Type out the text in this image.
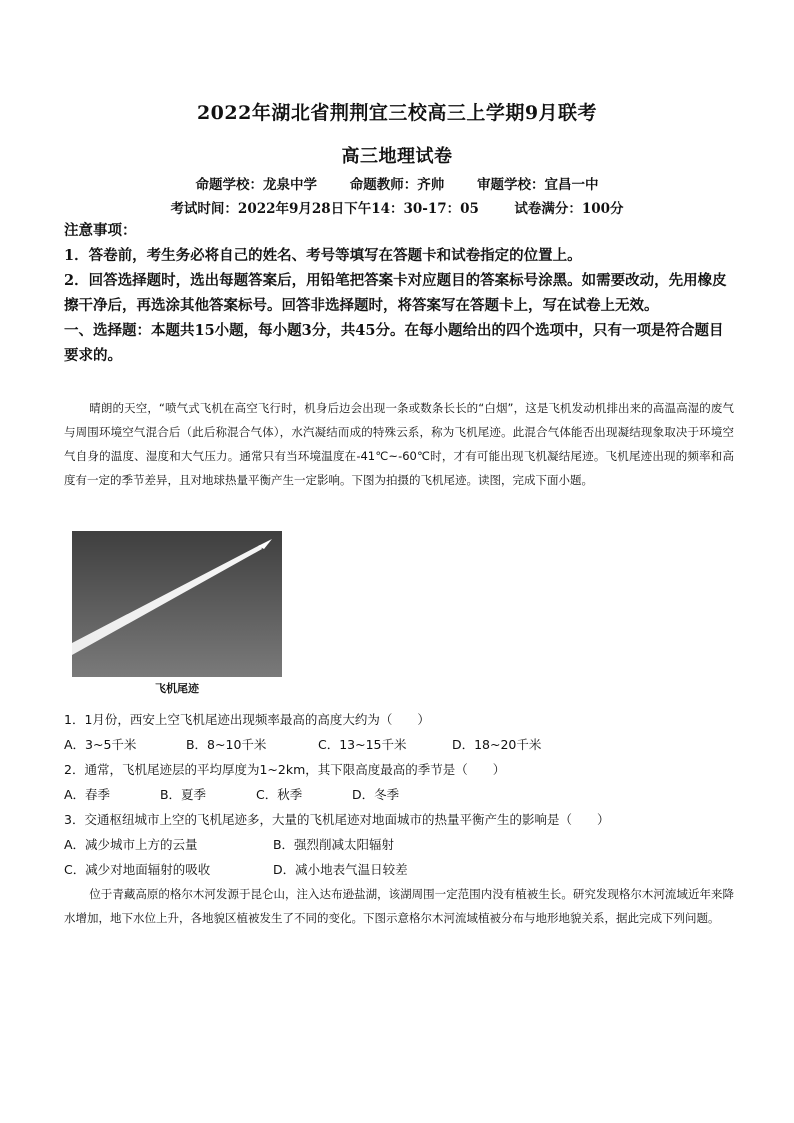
2022年湖北省荆荆宜三校高三上学期9月联考
高三地理试卷
命题学校：龙泉中学 命题教师：齐帅 审题学校：宜昌一中
考试时间：2022年9月28日下午14：30-17：05	试卷满分：100分
注意事项：
1．答卷前，考生务必将自己的姓名、考号等填写在答题卡和试卷指定的位置上。
2．回答选择题时，选出每题答案后，用铅笔把答案卡对应题目的答案标号涂黑。如需要改动，先用橡皮擦干净后，再选涂其他答案标号。回答非选择题时，将答案写在答题卡上，写在试卷上无效。
一、选择题：本题共15小题，每小题3分，共45分。在每小题给出的四个选项中，只有一项是符合题目要求的。
晴朗的天空，“喷气式飞机在高空飞行时，机身后边会出现一条或数条长长的“白烟”，这是飞机发动机排出来的高温高湿的废气与周围环境空气混合后（此后称混合气体），水汽凝结而成的特殊云系，称为飞机尾迹。此混合气体能否出现凝结现象取决于环境空气自身的温度、湿度和大气压力。通常只有当环境温度在-41℃~-60℃时，才有可能出现飞机凝结尾迹。飞机尾迹出现的频率和高度有一定的季节差异，且对地球热量平衡产生一定影响。下图为拍摄的飞机尾迹。读图，完成下面小题。
飞机尾迹
1．1月份，西安上空飞机尾迹出现频率最高的高度大约为（　　）
A．3~5千米	B．8~10千米	C．13~15千米	D．18~20千米
2．通常，飞机尾迹层的平均厚度为1~2km，其下限高度最高的季节是（　　）
A．春季	B．夏季	C．秋季	D．冬季
3．交通枢纽城市上空的飞机尾迹多，大量的飞机尾迹对地面城市的热量平衡产生的影响是（　　）
A．减少城市上方的云量	B．强烈削减太阳辐射
C．减少对地面辐射的吸收	D．减小地表气温日较差
位于青藏高原的格尔木河发源于昆仑山，注入达布逊盐湖，该湖周围一定范围内没有植被生长。研究发现格尔木河流域近年来降水增加，地下水位上升，各地貌区植被发生了不同的变化。下图示意格尔木河流域植被分布与地形地貌关系，据此完成下列问题。
